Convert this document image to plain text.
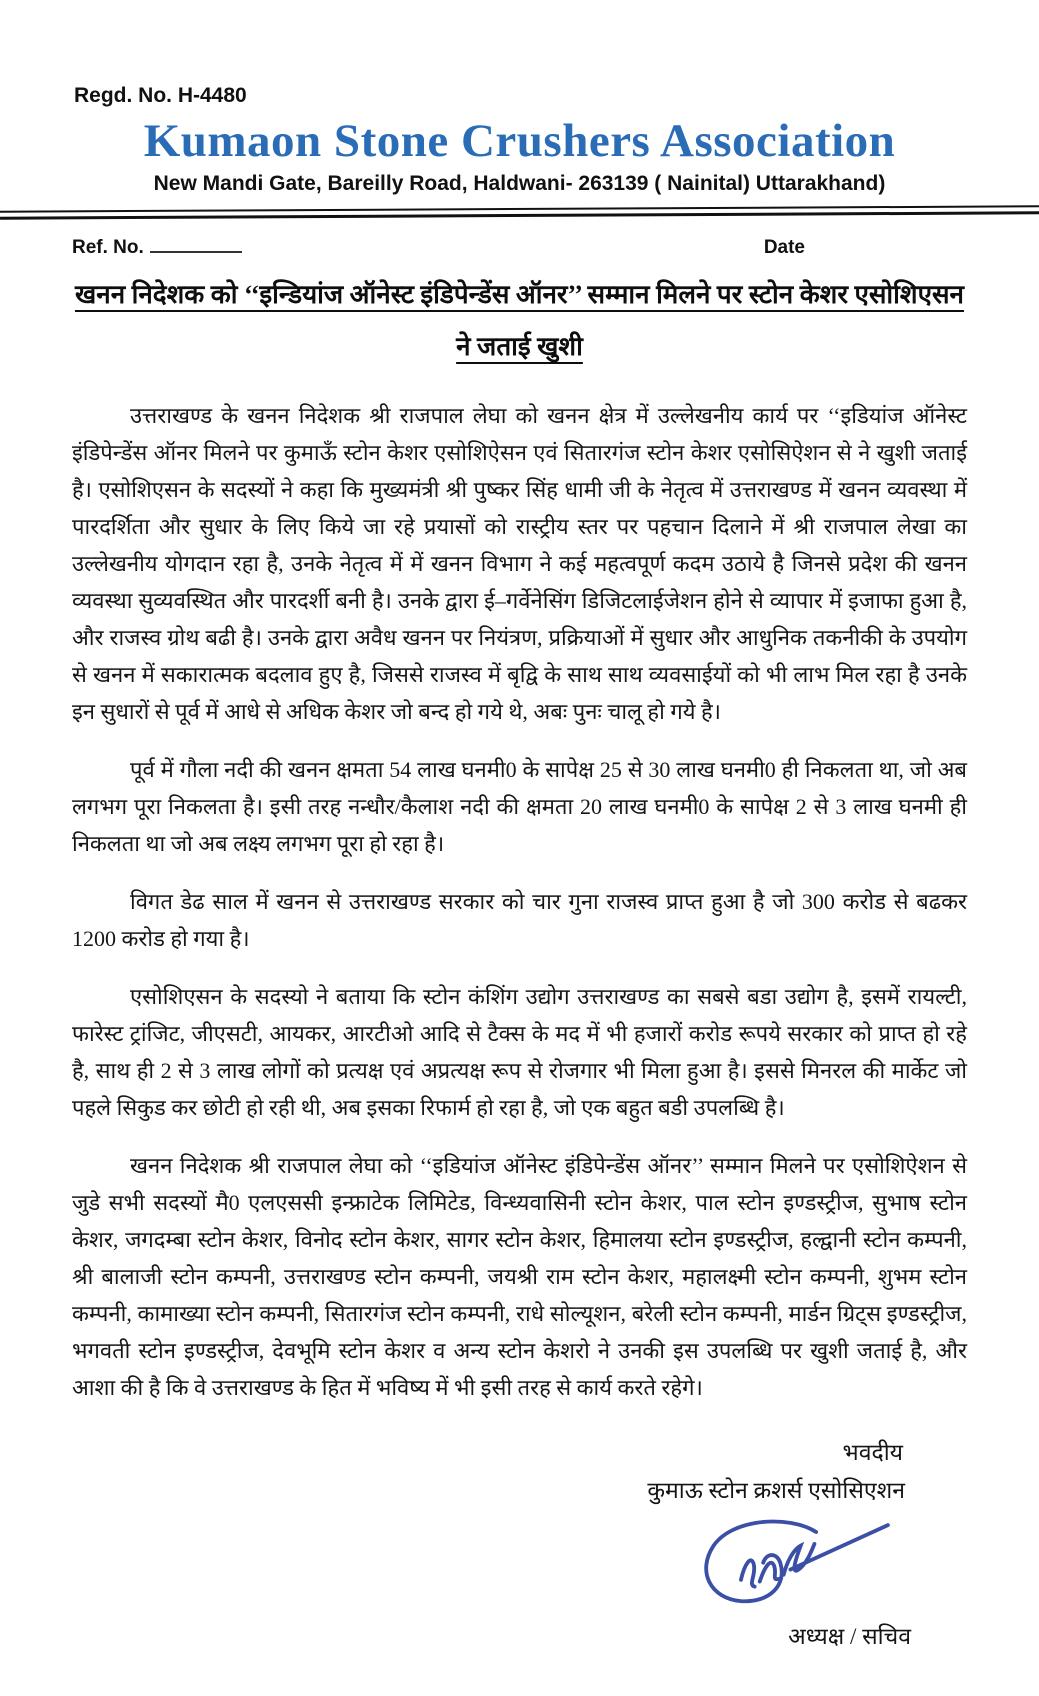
Regd. No. H-4480
Kumaon Stone Crushers Association
New Mandi Gate, Bareilly Road, Haldwani- 263139 ( Nainital) Uttarakhand)
Ref. No.	Date
खनन निदेशक को ‘‘इन्डियांज ऑनेस्ट इंडिपेन्डेंस ऑनर’’ सम्मान मिलने पर स्टोन केशर एसोशिएसन ने जताई खुशी

उत्तराखण्ड के खनन निदेशक श्री राजपाल लेघा को खनन क्षेत्र में उल्लेखनीय कार्य पर ‘‘इडियांज ऑनेस्ट इंडिपेन्डेंस ऑनर मिलने पर कुमाऊँ स्टोन केशर एसोशिऐसन एवं सितारगंज स्टोन केशर एसोसिऐशन से ने खुशी जताई है। एसोशिएसन के सदस्यों ने कहा कि मुख्यमंत्री श्री पुष्कर सिंह धामी जी के नेतृत्व में उत्तराखण्ड में खनन व्यवस्था में पारदर्शिता और सुधार के लिए किये जा रहे प्रयासों को रास्ट्रीय स्तर पर पहचान दिलाने में श्री राजपाल लेखा का उल्लेखनीय योगदान रहा है, उनके नेतृत्व में में खनन विभाग ने कई महत्वपूर्ण कदम उठाये है जिनसे प्रदेश की खनन व्यवस्था सुव्यवस्थित और पारदर्शी बनी है। उनके द्वारा ई–गर्वेनेसिंग डिजिटलाईजेशन होने से व्यापार में इजाफा हुआ है, और राजस्व ग्रोथ बढी है। उनके द्वारा अवैध खनन पर नियंत्रण, प्रक्रियाओं में सुधार और आधुनिक तकनीकी के उपयोग से खनन में सकारात्मक बदलाव हुए है, जिससे राजस्व में बृद्वि के साथ साथ व्यवसाईयों को भी लाभ मिल रहा है उनके इन सुधारों से पूर्व में आधे से अधिक केशर जो बन्द हो गये थे, अबः पुनः चालू हो गये है।

पूर्व में गौला नदी की खनन क्षमता 54 लाख घनमी0 के सापेक्ष 25 से 30 लाख घनमी0 ही निकलता था, जो अब लगभग पूरा निकलता है। इसी तरह नन्धौर/कैलाश नदी की क्षमता 20 लाख घनमी0 के सापेक्ष 2 से 3 लाख घनमी ही निकलता था जो अब लक्ष्य लगभग पूरा हो रहा है।

विगत डेढ साल में खनन से उत्तराखण्ड सरकार को चार गुना राजस्व प्राप्त हुआ है जो 300 करोड से बढकर 1200 करोड हो गया है।

एसोशिएसन के सदस्यो ने बताया कि स्टोन कंशिंग उद्योग उत्तराखण्ड का सबसे बडा उद्योग है, इसमें रायल्टी, फारेस्ट ट्रांजिट, जीएसटी, आयकर, आरटीओ आदि से टैक्स के मद में भी हजारों करोड रूपये सरकार को प्राप्त हो रहे है, साथ ही 2 से 3 लाख लोगों को प्रत्यक्ष एवं अप्रत्यक्ष रूप से रोजगार भी मिला हुआ है। इससे मिनरल की मार्केट जो पहले सिकुड कर छोटी हो रही थी, अब इसका रिफार्म हो रहा है, जो एक बहुत बडी उपलब्धि है।

खनन निदेशक श्री राजपाल लेघा को ‘‘इडियांज ऑनेस्ट इंडिपेन्डेंस ऑनर’’ सम्मान मिलने पर एसोशिऐशन से जुडे सभी सदस्यों मै0 एलएससी इन्फ्राटेक लिमिटेड, विन्ध्यवासिनी स्टोन केशर, पाल स्टोन इण्डस्ट्रीज, सुभाष स्टोन केशर, जगदम्बा स्टोन केशर, विनोद स्टोन केशर, सागर स्टोन केशर, हिमालया स्टोन इण्डस्ट्रीज, हल्द्वानी स्टोन कम्पनी, श्री बालाजी स्टोन कम्पनी, उत्तराखण्ड स्टोन कम्पनी, जयश्री राम स्टोन केशर, महालक्ष्मी स्टोन कम्पनी, शुभम स्टोन कम्पनी, कामाख्या स्टोन कम्पनी, सितारगंज स्टोन कम्पनी, राधे सोल्यूशन, बरेली स्टोन कम्पनी, मार्डन ग्रिट्स इण्डस्ट्रीज, भगवती स्टोन इण्डस्ट्रीज, देवभूमि स्टोन केशर व अन्य स्टोन केशरो ने उनकी इस उपलब्धि पर खुशी जताई है, और आशा की है कि वे उत्तराखण्ड के हित में भविष्य में भी इसी तरह से कार्य करते रहेगे।

भवदीय
कुमाऊ स्टोन क्रशर्स एसोसिएशन
अध्यक्ष / सचिव
